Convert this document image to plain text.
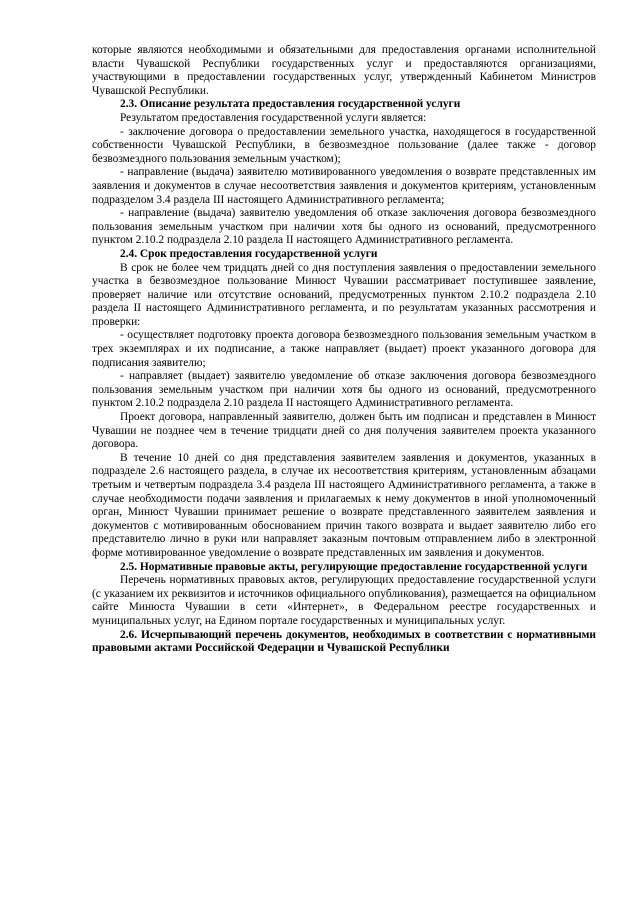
которые являются необходимыми и обязательными для предоставления органами исполнительной власти Чувашской Республики государственных услуг и предоставляются организациями, участвующими в предоставлении государственных услуг, утвержденный Кабинетом Министров Чувашской Республики.

2.3. Описание результата предоставления государственной услуги

Результатом предоставления государственной услуги является:

- заключение договора о предоставлении земельного участка, находящегося в государственной собственности Чувашской Республики, в безвозмездное пользование (далее также - договор безвозмездного пользования земельным участком);

- направление (выдача) заявителю мотивированного уведомления о возврате представленных им заявления и документов в случае несоответствия заявления и документов критериям, установленным подразделом 3.4 раздела III настоящего Административного регламента;

- направление (выдача) заявителю уведомления об отказе заключения договора безвозмездного пользования земельным участком при наличии хотя бы одного из оснований, предусмотренного пунктом 2.10.2 подраздела 2.10 раздела II настоящего Административного регламента.

2.4. Срок предоставления государственной услуги

В срок не более чем тридцать дней со дня поступления заявления о предоставлении земельного участка в безвозмездное пользование Минюст Чувашии рассматривает поступившее заявление, проверяет наличие или отсутствие оснований, предусмотренных пунктом 2.10.2 подраздела 2.10 раздела II настоящего Административного регламента, и по результатам указанных рассмотрения и проверки:

- осуществляет подготовку проекта договора безвозмездного пользования земельным участком в трех экземплярах и их подписание, а также направляет (выдает) проект указанного договора для подписания заявителю;

- направляет (выдает) заявителю уведомление об отказе заключения договора безвозмездного пользования земельным участком при наличии хотя бы одного из оснований, предусмотренного пунктом 2.10.2 подраздела 2.10 раздела II настоящего Административного регламента.

Проект договора, направленный заявителю, должен быть им подписан и представлен в Минюст Чувашии не позднее чем в течение тридцати дней со дня получения заявителем проекта указанного договора.

В течение 10 дней со дня представления заявителем заявления и документов, указанных в подразделе 2.6 настоящего раздела, в случае их несоответствия критериям, установленным абзацами третьим и четвертым подраздела 3.4 раздела III настоящего Административного регламента, а также в случае необходимости подачи заявления и прилагаемых к нему документов в иной уполномоченный орган, Минюст Чувашии принимает решение о возврате представленного заявителем заявления и документов с мотивированным обоснованием причин такого возврата и выдает заявителю либо его представителю лично в руки или направляет заказным почтовым отправлением либо в электронной форме мотивированное уведомление о возврате представленных им заявления и документов.

2.5. Нормативные правовые акты, регулирующие предоставление государственной услуги

Перечень нормативных правовых актов, регулирующих предоставление государственной услуги (с указанием их реквизитов и источников официального опубликования), размещается на официальном сайте Минюста Чувашии в сети «Интернет», в Федеральном реестре государственных и муниципальных услуг, на Едином портале государственных и муниципальных услуг.

2.6. Исчерпывающий перечень документов, необходимых в соответствии с нормативными правовыми актами Российской Федерации и Чувашской Республики
